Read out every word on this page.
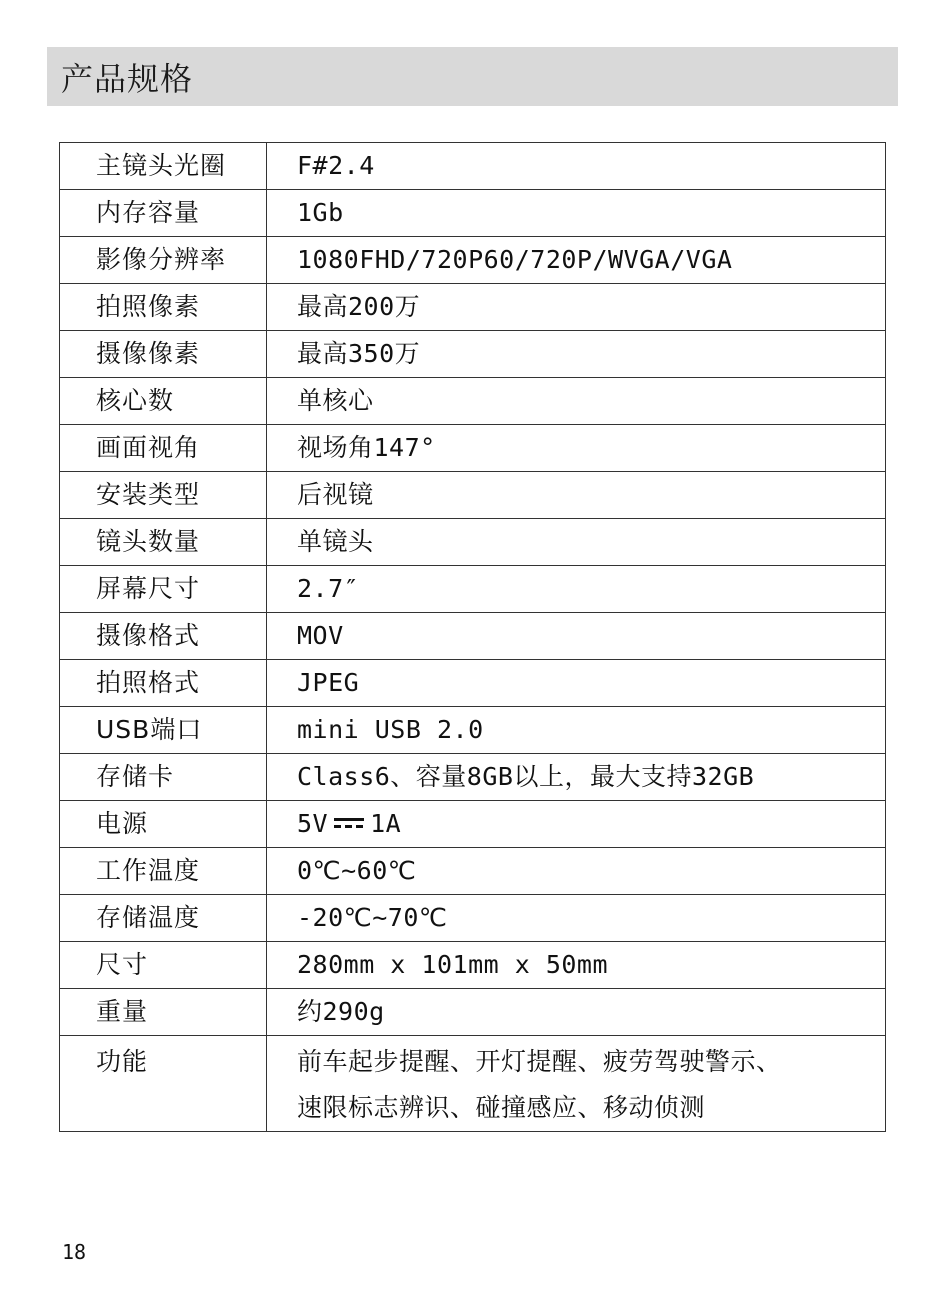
产品规格
主镜头光圈	F#2.4
内存容量	1Gb
影像分辨率	1080FHD/720P60/720P/WVGA/VGA
拍照像素	最高200万
摄像像素	最高350万
核心数	单核心
画面视角	视场角147°
安装类型	后视镜
镜头数量	单镜头
屏幕尺寸	2.7″
摄像格式	MOV
拍照格式	JPEG
USB端口	mini USB 2.0
存储卡	Class6、容量8GB以上，最大支持32GB
电源	5V 1A
工作温度	0℃~60℃
存储温度	-20℃~70℃
尺寸	280mm x 101mm x 50mm
重量	约290g
功能	前车起步提醒、开灯提醒、疲劳驾驶警示、
速限标志辨识、碰撞感应、移动侦测
18
